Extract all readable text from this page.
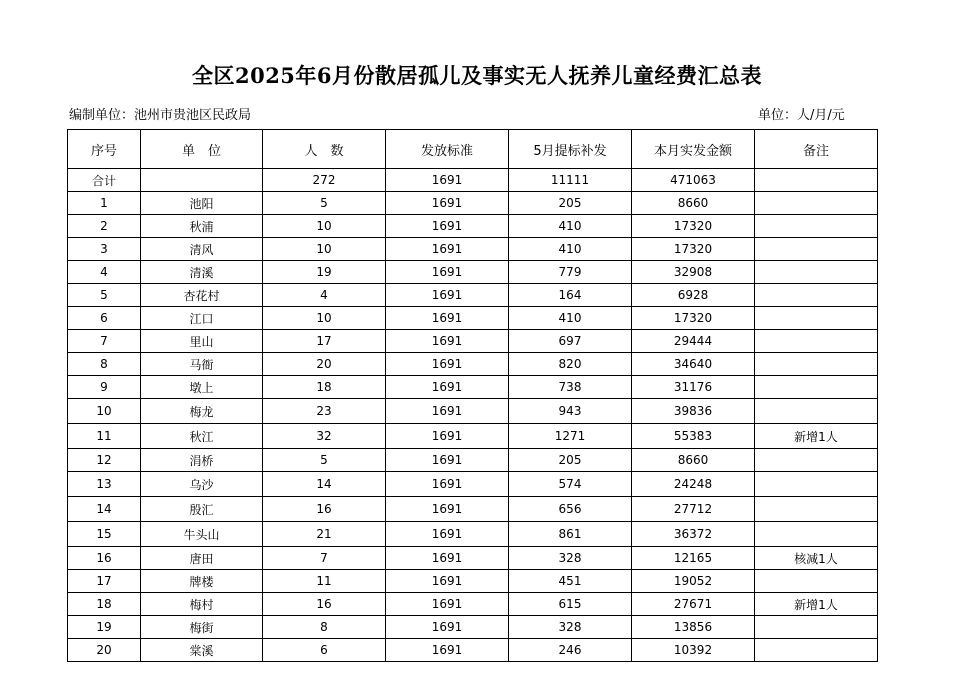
全区2025年6月份散居孤儿及事实无人抚养儿童经费汇总表
编制单位：池州市贵池区民政局	单位：人/月/元
序号	单　位	人　数	发放标准	5月提标补发	本月实发金额	备注
合计		272	1691	11111	471063	
1	池阳	5	1691	205	8660	
2	秋浦	10	1691	410	17320	
3	清风	10	1691	410	17320	
4	清溪	19	1691	779	32908	
5	杏花村	4	1691	164	6928	
6	江口	10	1691	410	17320	
7	里山	17	1691	697	29444	
8	马衙	20	1691	820	34640	
9	墩上	18	1691	738	31176	
10	梅龙	23	1691	943	39836	
11	秋江	32	1691	1271	55383	新增1人
12	涓桥	5	1691	205	8660	
13	乌沙	14	1691	574	24248	
14	殷汇	16	1691	656	27712	
15	牛头山	21	1691	861	36372	
16	唐田	7	1691	328	12165	核减1人
17	牌楼	11	1691	451	19052	
18	梅村	16	1691	615	27671	新增1人
19	梅街	8	1691	328	13856	
20	棠溪	6	1691	246	10392	
